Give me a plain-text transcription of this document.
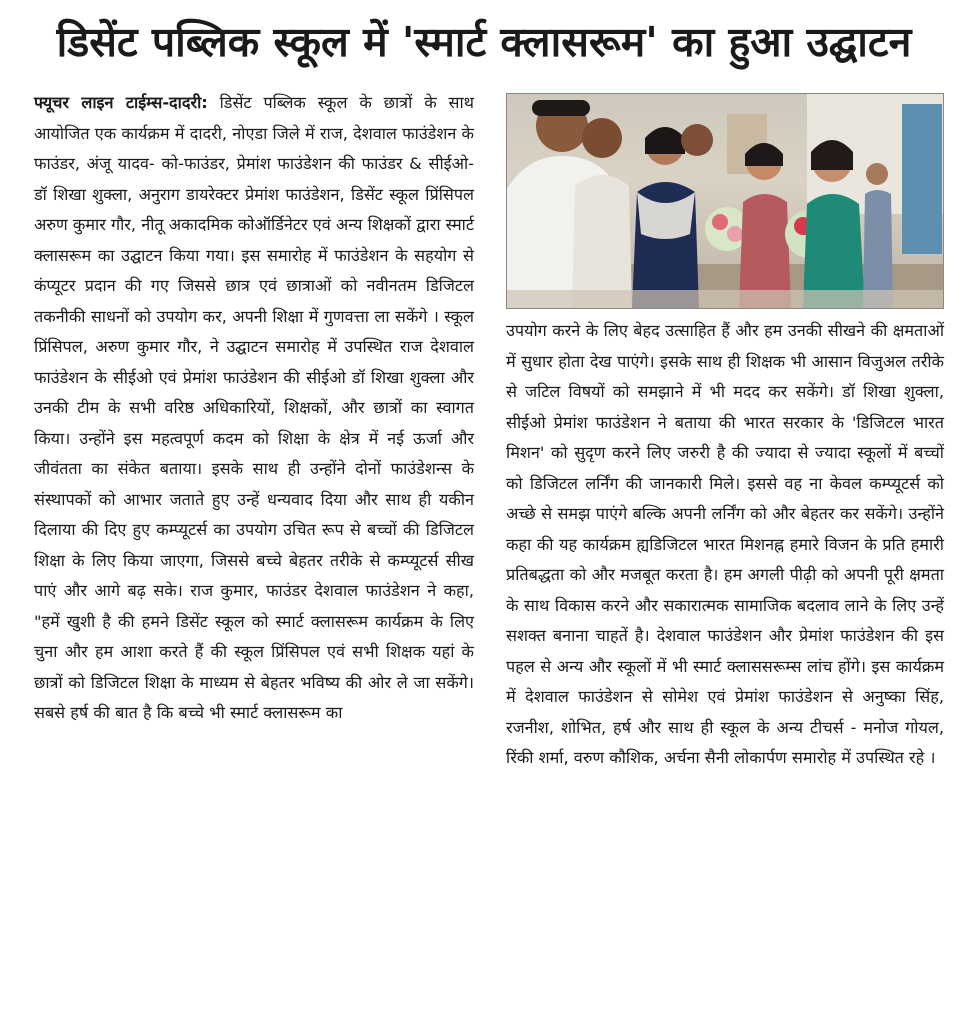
डिसेंट पब्लिक स्कूल में 'स्मार्ट क्लासरूम' का हुआ उद्घाटन
फ्यूचर लाइन टाईम्स-दादरी: डिसेंट पब्लिक स्कूल के छात्रों के साथ आयोजित एक कार्यक्रम में दादरी, नोएडा जिले में राज, देशवाल फाउंडेशन के फाउंडर, अंजू यादव- को-फाउंडर, प्रेमांश फाउंडेशन की फाउंडर & सीईओ- डॉ शिखा शुक्ला, अनुराग डायरेक्टर प्रेमांश फाउंडेशन, डिसेंट स्कूल प्रिंसिपल अरुण कुमार गौर, नीतू अकादमिक कोऑर्डिनेटर एवं अन्य शिक्षकों द्वारा स्मार्ट क्लासरूम का उद्घाटन किया गया। इस समारोह में फाउंडेशन के सहयोग से कंप्यूटर प्रदान की गए जिससे छात्र एवं छात्राओं को नवीनतम डिजिटल तकनीकी साधनों को उपयोग कर, अपनी शिक्षा में गुणवत्ता ला सकेंगे । स्कूल प्रिंसिपल, अरुण कुमार गौर, ने उद्घाटन समारोह में उपस्थित राज देशवाल फाउंडेशन के सीईओ एवं प्रेमांश फाउंडेशन की सीईओ डॉ शिखा शुक्ला और उनकी टीम के सभी वरिष्ठ अधिकारियों, शिक्षकों, और छात्रों का स्वागत किया। उन्होंने इस महत्वपूर्ण कदम को शिक्षा के क्षेत्र में नई ऊर्जा और जीवंतता का संकेत बताया। इसके साथ ही उन्होंने दोनों फाउंडेशन्स के संस्थापकों को आभार जताते हुए उन्हें धन्यवाद दिया और साथ ही यकीन दिलाया की दिए हुए कम्प्यूटर्स का उपयोग उचित रूप से बच्चों की डिजिटल शिक्षा के लिए किया जाएगा, जिससे बच्चे बेहतर तरीके से कम्प्यूटर्स सीख पाएं और आगे बढ़ सके। राज कुमार, फाउंडर देशवाल फाउंडेशन ने कहा, "हमें खुशी है की हमने डिसेंट स्कूल को स्मार्ट क्लासरूम कार्यक्रम के लिए चुना और हम आशा करते हैं की स्कूल प्रिंसिपल एवं सभी शिक्षक यहां के छात्रों को डिजिटल शिक्षा के माध्यम से बेहतर भविष्य की ओर ले जा सकेंगे। सबसे हर्ष की बात है कि बच्चे भी स्मार्ट क्लासरूम का
उपयोग करने के लिए बेहद उत्साहित हैं और हम उनकी सीखने की क्षमताओं में सुधार होता देख पाएंगे। इसके साथ ही शिक्षक भी आसान विजुअल तरीके से जटिल विषयों को समझाने में भी मदद कर सकेंगे। डॉ शिखा शुक्ला, सीईओ प्रेमांश फाउंडेशन ने बताया की भारत सरकार के 'डिजिटल भारत मिशन' को सुदृण करने लिए जरुरी है की ज्यादा से ज्यादा स्कूलों में बच्चों को डिजिटल लर्निंग की जानकारी मिले। इससे वह ना केवल कम्प्यूटर्स को अच्छे से समझ पाएंगे बल्कि अपनी लर्निंग को और बेहतर कर सकेंगे। उन्होंने कहा की यह कार्यक्रम ह्यडिजिटल भारत मिशनह्न हमारे विजन के प्रति हमारी प्रतिबद्धता को और मजबूत करता है। हम अगली पीढ़ी को अपनी पूरी क्षमता के साथ विकास करने और सकारात्मक सामाजिक बदलाव लाने के लिए उन्हें सशक्त बनाना चाहतें है। देशवाल फाउंडेशन और प्रेमांश फाउंडेशन की इस पहल से अन्य और स्कूलों में भी स्मार्ट क्लाससरूम्स लांच होंगे। इस कार्यक्रम में देशवाल फाउंडेशन से सोमेश एवं प्रेमांश फाउंडेशन से अनुष्का सिंह, रजनीश, शोभित, हर्ष और साथ ही स्कूल के अन्य टीचर्स - मनोज गोयल, रिंकी शर्मा, वरुण कौशिक, अर्चना सैनी लोकार्पण समारोह में उपस्थित रहे ।
